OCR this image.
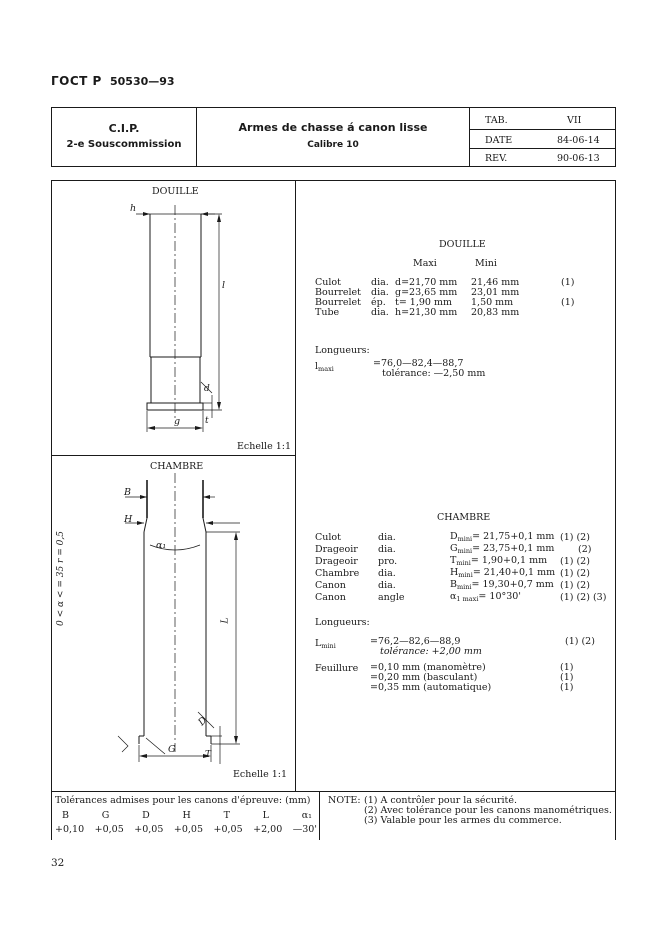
ГОСТ Р 50530—93
C.I.P.
2-e Souscommission
Armes de chasse á canon lisse
Calibre 10
TAB.	VII
DATE	84-06-14
REV.	90-06-13
DOUILLE
h
l
g	t
d
Echelle 1:1
DOUILLE
Maxi	Mini
Culot	dia.	d=21,70 mm	21,46 mm	(1)
Bourrelet	dia.	g=23,65 mm	23,01 mm	
Bourrelet	ép.	t= 1,90 mm	1,50 mm	(1)
Tube	dia.	h=21,30 mm	20,83 mm	
Longueurs:
$l_{maxi}$	=76,0—82,4—88,7
tolérance: —2,50 mm
CHAMBRE
B
H
α₁
L
D
G	T
0 < α < = 35 r = 0,5
Echelle 1:1
CHAMBRE
Culot	dia.	$D_{mini}= 21,75+0,1$ mm	(1) (2)
Drageoir	dia.	$G_{mini}= 23,75+0,1$ mm	(2)
Drageoir	pro.	$T_{mini}= 1,90+0,1$ mm	(1) (2)
Chambre	dia.	$H_{mini}= 21,40+0,1$ mm	(1) (2)
Canon	dia.	$B_{mini}= 19,30+0,7$ mm	(1) (2)
Canon	angle	$\alpha_{1 maxi}= 10^\circ 30'$	(1) (2) (3)
Longueurs:
$L_{mini}$	=76,2—82,6—88,9	(1) (2)
tolérance: +2,00 mm
Feuillure =0,10 mm (manomètre)	(1)
=0,20 mm (basculant)	(1)
=0,35 mm (automatique)	(1)
Tolérances admises pour les canons d'épreuve: (mm)
B	G	D	H	T	L	α₁
+0,10 +0,05 +0,05 +0,05 +0,05 +2,00 —30'
NOTE: (1) A contrôler pour la sécurité.
(2) Avec tolérance pour les canons manométriques.
(3) Valable pour les armes du commerce.
32
